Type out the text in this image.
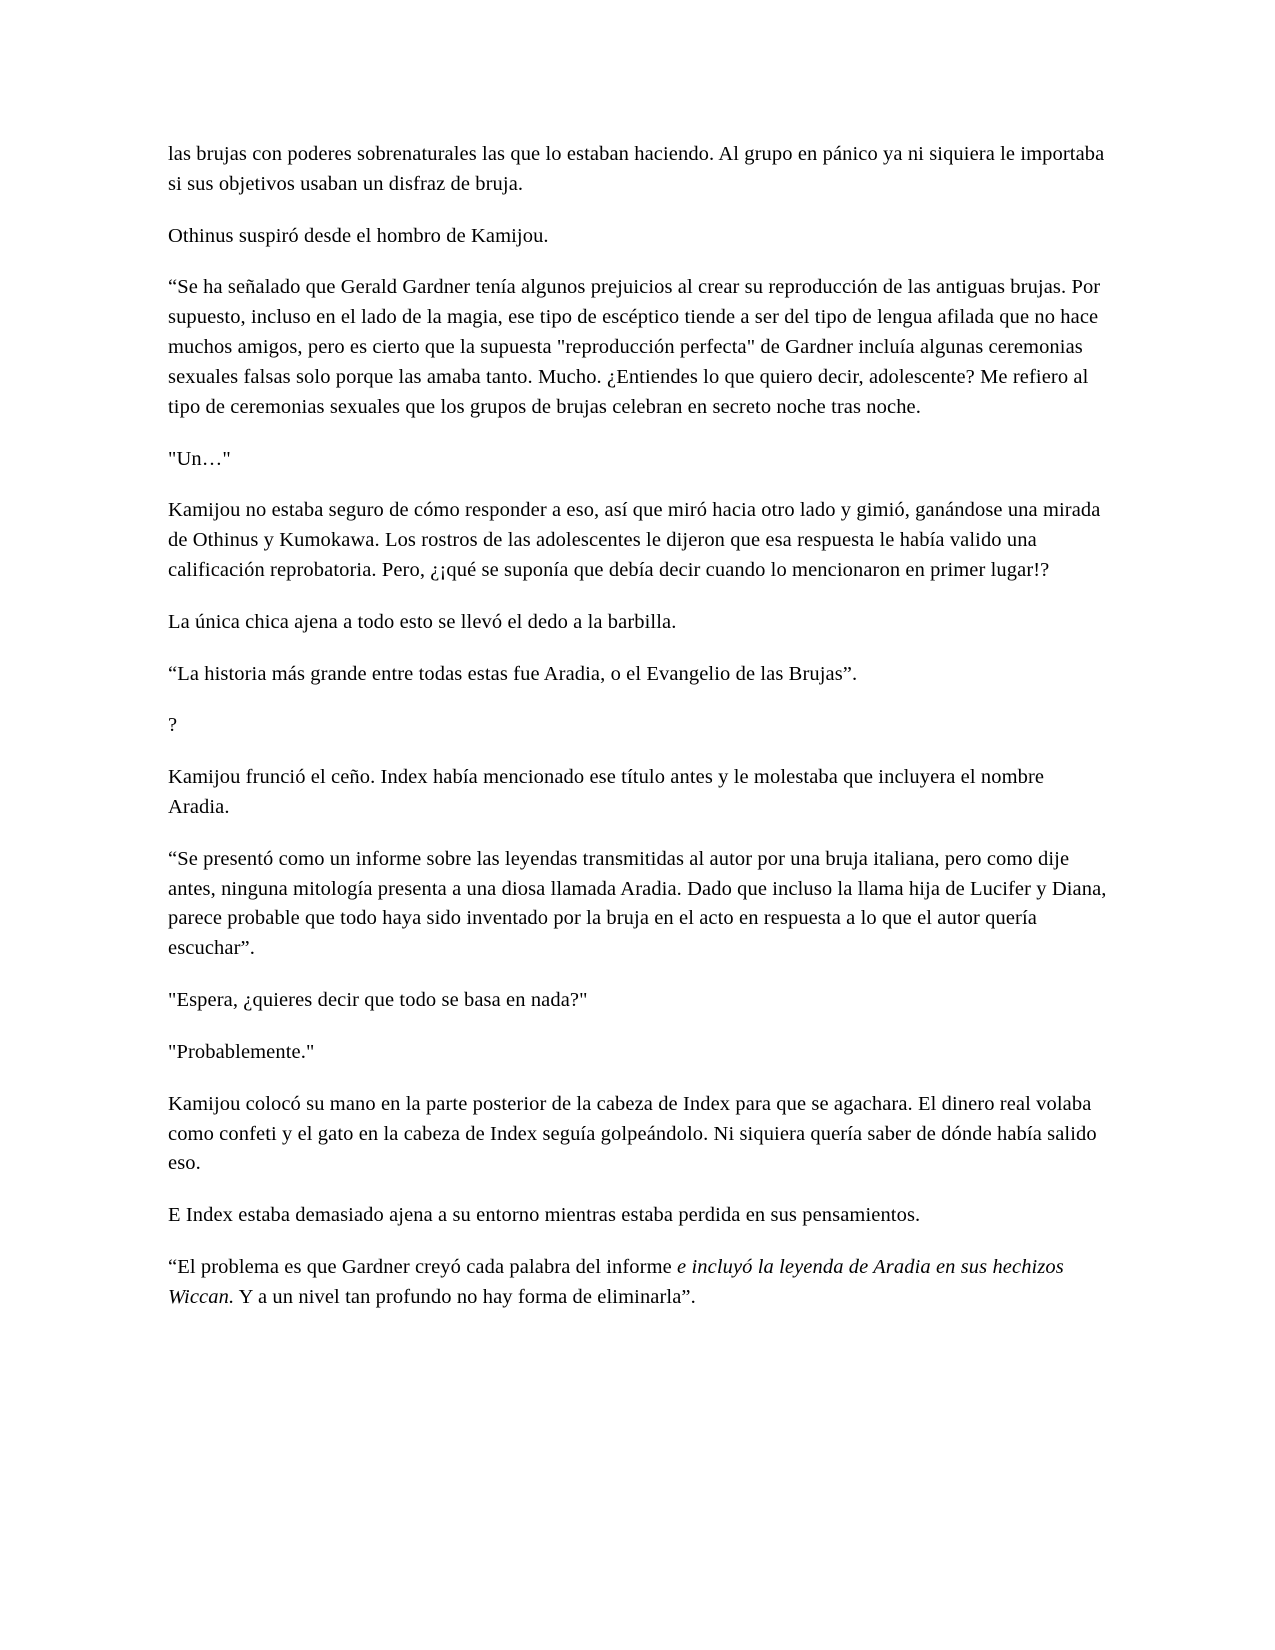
las brujas con poderes sobrenaturales las que lo estaban haciendo. Al grupo en pánico ya ni siquiera le importaba si sus objetivos usaban un disfraz de bruja.

Othinus suspiró desde el hombro de Kamijou.

“Se ha señalado que Gerald Gardner tenía algunos prejuicios al crear su reproducción de las antiguas brujas. Por supuesto, incluso en el lado de la magia, ese tipo de escéptico tiende a ser del tipo de lengua afilada que no hace muchos amigos, pero es cierto que la supuesta "reproducción perfecta" de Gardner incluía algunas ceremonias sexuales falsas solo porque las amaba tanto. Mucho. ¿Entiendes lo que quiero decir, adolescente? Me refiero al tipo de ceremonias sexuales que los grupos de brujas celebran en secreto noche tras noche.

"Un…"

Kamijou no estaba seguro de cómo responder a eso, así que miró hacia otro lado y gimió, ganándose una mirada de Othinus y Kumokawa. Los rostros de las adolescentes le dijeron que esa respuesta le había valido una calificación reprobatoria. Pero, ¿¡qué se suponía que debía decir cuando lo mencionaron en primer lugar!?

La única chica ajena a todo esto se llevó el dedo a la barbilla.

“La historia más grande entre todas estas fue Aradia, o el Evangelio de las Brujas”.

?

Kamijou frunció el ceño. Index había mencionado ese título antes y le molestaba que incluyera el nombre Aradia.

“Se presentó como un informe sobre las leyendas transmitidas al autor por una bruja italiana, pero como dije antes, ninguna mitología presenta a una diosa llamada Aradia. Dado que incluso la llama hija de Lucifer y Diana, parece probable que todo haya sido inventado por la bruja en el acto en respuesta a lo que el autor quería escuchar”.

"Espera, ¿quieres decir que todo se basa en nada?"

"Probablemente."

Kamijou colocó su mano en la parte posterior de la cabeza de Index para que se agachara. El dinero real volaba como confeti y el gato en la cabeza de Index seguía golpeándolo. Ni siquiera quería saber de dónde había salido eso.

E Index estaba demasiado ajena a su entorno mientras estaba perdida en sus pensamientos.

“El problema es que Gardner creyó cada palabra del informe e incluyó la leyenda de Aradia en sus hechizos Wiccan. Y a un nivel tan profundo no hay forma de eliminarla”.
